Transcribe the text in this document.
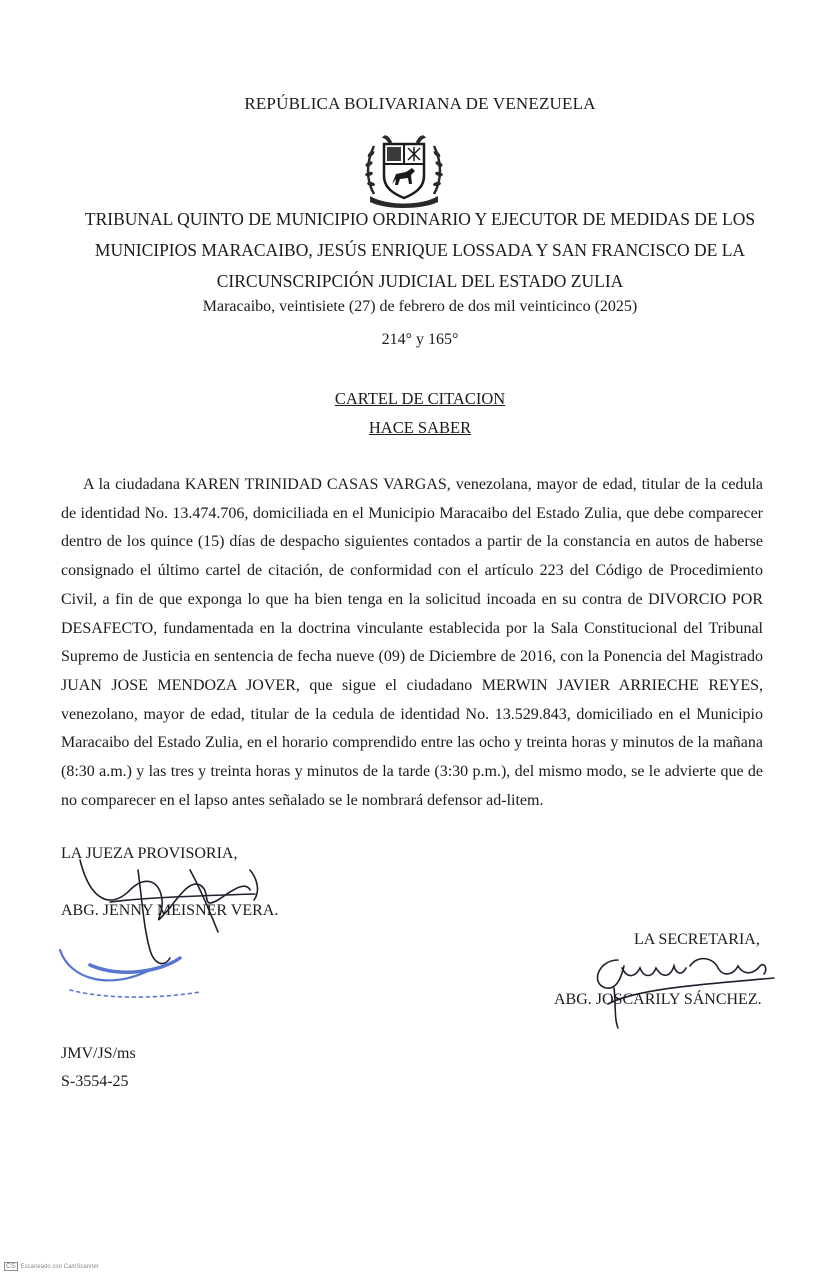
REPÚBLICA BOLIVARIANA DE VENEZUELA
TRIBUNAL QUINTO DE MUNICIPIO ORDINARIO Y EJECUTOR DE MEDIDAS DE LOS
MUNICIPIOS MARACAIBO, JESÚS ENRIQUE LOSSADA Y SAN FRANCISCO DE LA
CIRCUNSCRIPCIÓN JUDICIAL DEL ESTADO ZULIA
Maracaibo, veintisiete (27) de febrero de dos mil veinticinco (2025)
214° y 165°
CARTEL DE CITACION
HACE SABER
A la ciudadana KAREN TRINIDAD CASAS VARGAS, venezolana, mayor de edad, titular de la cedula de identidad No. 13.474.706, domiciliada en el Municipio Maracaibo del Estado Zulia, que debe comparecer dentro de los quince (15) días de despacho siguientes contados a partir de la constancia en autos de haberse consignado el último cartel de citación, de conformidad con el artículo 223 del Código de Procedimiento Civil, a fin de que exponga lo que ha bien tenga en la solicitud incoada en su contra de DIVORCIO POR DESAFECTO, fundamentada en la doctrina vinculante establecida por la Sala Constitucional del Tribunal Supremo de Justicia en sentencia de fecha nueve (09) de Diciembre de 2016, con la Ponencia del Magistrado JUAN JOSE MENDOZA JOVER, que sigue el ciudadano MERWIN JAVIER ARRIECHE REYES, venezolano, mayor de edad, titular de la cedula de identidad No. 13.529.843, domiciliado en el Municipio Maracaibo del Estado Zulia, en el horario comprendido entre las ocho y treinta horas y minutos de la mañana (8:30 a.m.) y las tres y treinta horas y minutos de la tarde (3:30 p.m.), del mismo modo, se le advierte que de no comparecer en el lapso antes señalado se le nombrará defensor ad-litem.
LA JUEZA PROVISORIA,
ABG. JENNY MEISNER VERA.
LA SECRETARIA,
ABG. JOSCARILY SÁNCHEZ.
JMV/JS/ms
S-3554-25
CS Escaneado con CamScanner
